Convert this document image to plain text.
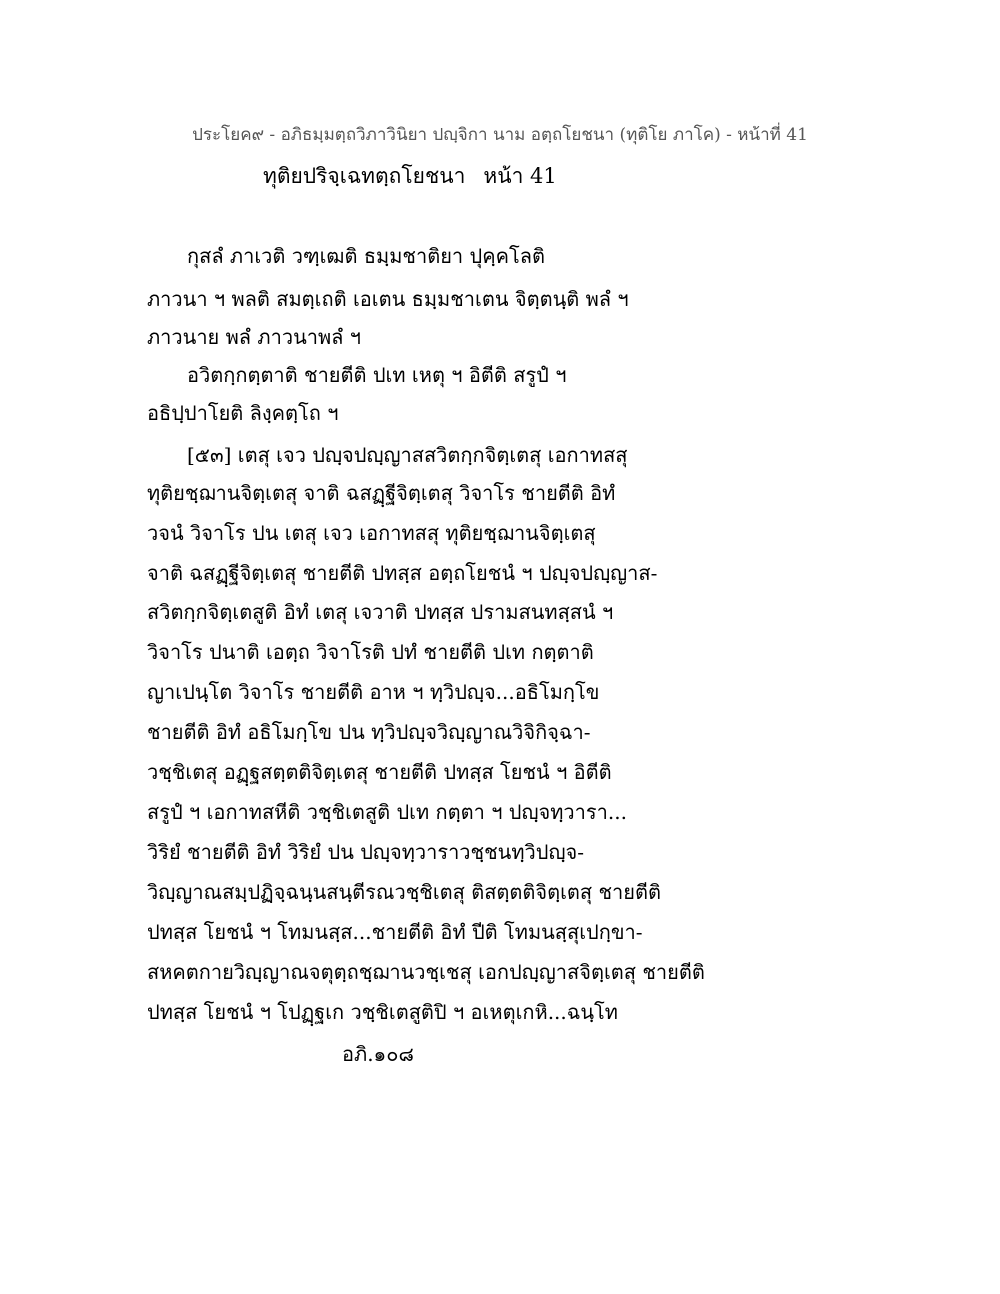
ประโยค๙ - อภิธมฺมตฺถวิภาวินิยา ปญฺจิกา นาม อตฺถโยชนา (ทุติโย ภาโค) - หน้าที่ 41
ทุติยปริจฺเฉทตฺถโยชนา หน้า 41
กุสลํ ภาเวติ วฑฺเฒติ ธมฺมชาติยา ปุคฺคโลติ
ภาวนา ฯ พลติ สมตฺเถติ เอเตน ธมฺมชาเตน จิตฺตนฺติ พลํ ฯ
ภาวนาย พลํ ภาวนาพลํ ฯ
อวิตกฺกตฺตาติ ชายตีติ ปเท เหตุ ฯ อิตีติ สรูปํ ฯ
อธิปฺปาโยติ ลิงฺคตฺโถ ฯ
[๕๓] เตสุ เจว ปญฺจปญฺญาสสวิตกฺกจิตฺเตสุ เอกาทสสุ
ทุติยชฺฌานจิตฺเตสุ จาติ ฉสฏฺฐีจิตฺเตสุ วิจาโร ชายตีติ อิทํ
วจนํ วิจาโร ปน เตสุ เจว เอกาทสสุ ทุติยชฺฌานจิตฺเตสุ
จาติ ฉสฏฺฐีจิตฺเตสุ ชายตีติ ปทสฺส อตฺถโยชนํ ฯ ปญฺจปญฺญาส-
สวิตกฺกจิตฺเตสูติ อิทํ เตสุ เจวาติ ปทสฺส ปรามสนทสฺสนํ ฯ
วิจาโร ปนาติ เอตฺถ วิจาโรติ ปทํ ชายตีติ ปเท กตฺตาติ
ญาเปนฺโต วิจาโร ชายตีติ อาห ฯ ทฺวิปญฺจ...อธิโมกฺโข
ชายตีติ อิทํ อธิโมกฺโข ปน ทฺวิปญฺจวิญฺญาณวิจิกิจฺฉา-
วชฺชิเตสุ อฏฺฐสตฺตติจิตฺเตสุ ชายตีติ ปทสฺส โยชนํ ฯ อิตีติ
สรูปํ ฯ เอกาทสหีติ วชฺชิเตสูติ ปเท กตฺตา ฯ ปญฺจทฺวารา...
วิริยํ ชายตีติ อิทํ วิริยํ ปน ปญฺจทฺวาราวชฺชนทฺวิปญฺจ-
วิญฺญาณสมฺปฏิจฺฉนฺนสนฺตีรณวชฺชิเตสุ ติสตฺตติจิตฺเตสุ ชายตีติ
ปทสฺส โยชนํ ฯ โทมนสฺส...ชายตีติ อิทํ ปีติ โทมนสฺสุเปกฺขา-
สหคตกายวิญฺญาณจตุตฺถชฺฌานวชฺเชสุ เอกปญฺญาสจิตฺเตสุ ชายตีติ
ปทสฺส โยชนํ ฯ โปฏฺฐเก วชฺชิเตสูติปิ ฯ อเหตุเกหิ...ฉนฺโท
อภิ.๑๐๘
